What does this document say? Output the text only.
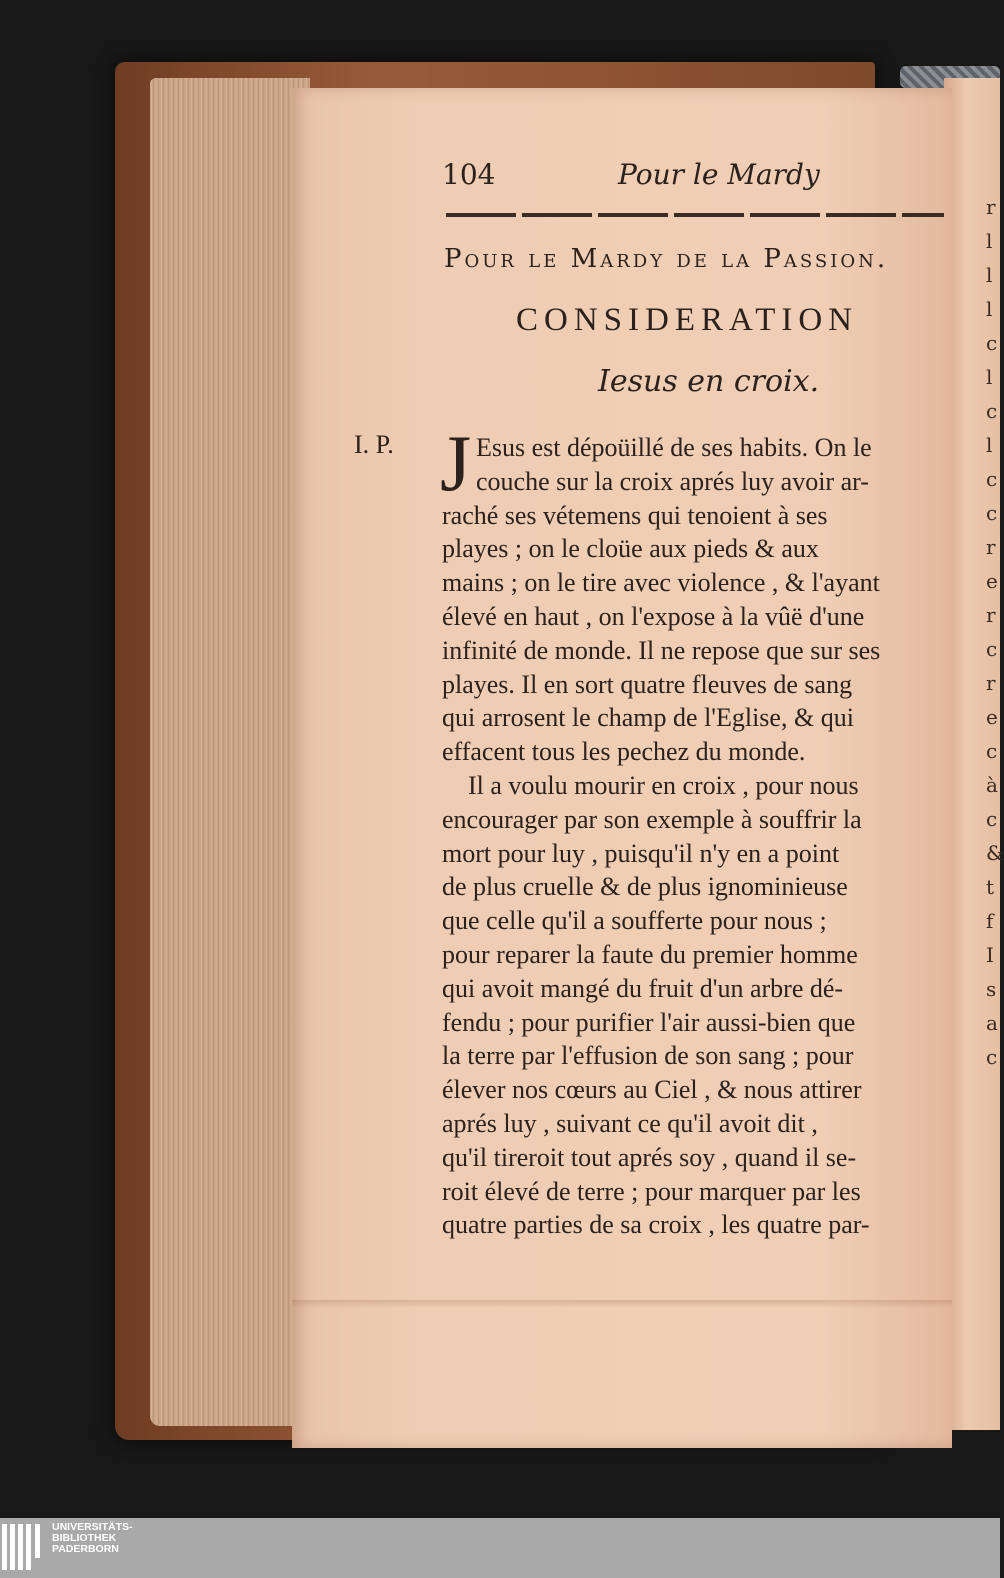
r
l
l
l
c
l
c
l
c
c
r
e
r
c
r
e
c
à
c
&
t
f
I
s
a
c
104	Pour le Mardy
Pour le Mardy de la Passion.
CONSIDERATION
Iesus en croix.
I. P. J Esus est dépoüillé de ses habits. On le
couche sur la croix aprés luy avoir ar-
raché ses vétemens qui tenoient à ses
playes ; on le cloüe aux pieds & aux
mains ; on le tire avec violence , & l'ayant
élevé en haut , on l'expose à la vûë d'une
infinité de monde. Il ne repose que sur ses
playes. Il en sort quatre fleuves de sang
qui arrosent le champ de l'Eglise, & qui
effacent tous les pechez du monde.
Il a voulu mourir en croix , pour nous
encourager par son exemple à souffrir la
mort pour luy , puisqu'il n'y en a point
de plus cruelle & de plus ignominieuse
que celle qu'il a soufferte pour nous ;
pour reparer la faute du premier homme
qui avoit mangé du fruit d'un arbre dé-
fendu ; pour purifier l'air aussi-bien que
la terre par l'effusion de son sang ; pour
élever nos cœurs au Ciel , & nous attirer
aprés luy , suivant ce qu'il avoit dit ,
qu'il tireroit tout aprés soy , quand il se-
roit élevé de terre ; pour marquer par les
quatre parties de sa croix , les quatre par-
UNIVERSITÄTS-
BIBLIOTHEK
PADERBORN
